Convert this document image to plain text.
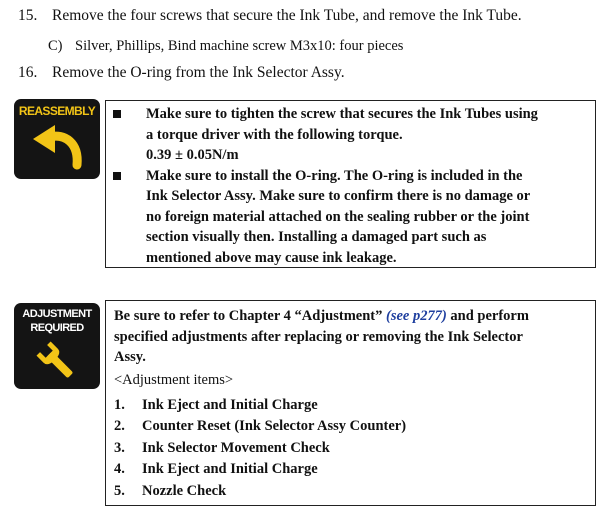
15. Remove the four screws that secure the Ink Tube, and remove the Ink Tube.
C) Silver, Phillips, Bind machine screw M3x10: four pieces
16. Remove the O-ring from the Ink Selector Assy.
REASSEMBLY	Make sure to tighten the screw that secures the Ink Tubes using

a torque driver with the following torque.

0.39 ± 0.05N/m

Make sure to install the O-ring. The O-ring is included in the

Ink Selector Assy. Make sure to confirm there is no damage or

no foreign material attached on the sealing rubber or the joint

section visually then. Installing a damaged part such as

mentioned above may cause ink leakage.

ADJUSTMENT
REQUIRED
Be sure to refer to Chapter 4 “Adjustment” (see p277) and perform
specified adjustments after replacing or removing the Ink Selector
Assy.
<Adjustment items>
1. Ink Eject and Initial Charge
2. Counter Reset (Ink Selector Assy Counter)
3. Ink Selector Movement Check
4. Ink Eject and Initial Charge
5. Nozzle Check
